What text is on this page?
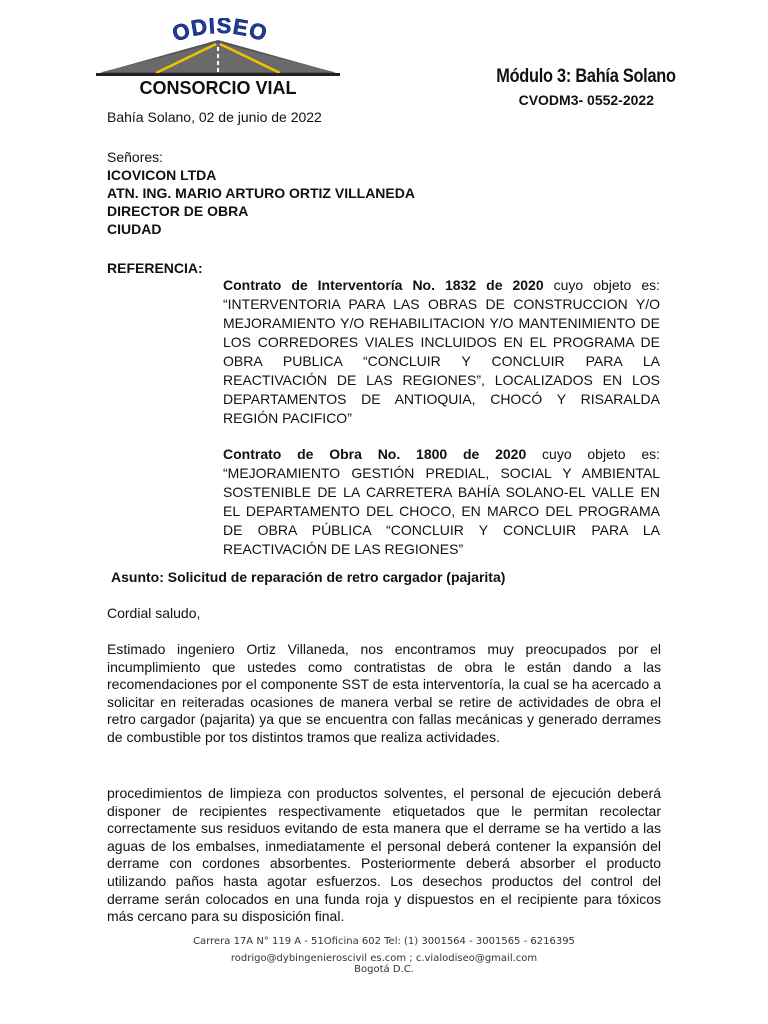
ODISEO
CONSORCIO VIAL
Módulo 3: Bahía Solano
CVODM3- 0552-2022
Bahía Solano, 02 de junio de 2022
Señores:
ICOVICON LTDA
ATN. ING. MARIO ARTURO ORTIZ VILLANEDA
DIRECTOR DE OBRA
CIUDAD
REFERENCIA:
Contrato de Interventoría No. 1832 de 2020 cuyo objeto es: “INTERVENTORIA PARA LAS OBRAS DE CONSTRUCCION Y/O MEJORAMIENTO Y/O REHABILITACION Y/O MANTENIMIENTO DE LOS CORREDORES VIALES INCLUIDOS EN EL PROGRAMA DE OBRA PUBLICA “CONCLUIR Y CONCLUIR PARA LA REACTIVACIÓN DE LAS REGIONES”, LOCALIZADOS EN LOS DEPARTAMENTOS DE ANTIOQUIA, CHOCÓ Y RISARALDA REGIÓN PACIFICO”
Contrato de Obra No. 1800 de 2020 cuyo objeto es: “MEJORAMIENTO GESTIÓN PREDIAL, SOCIAL Y AMBIENTAL SOSTENIBLE DE LA CARRETERA BAHÍA SOLANO-EL VALLE EN EL DEPARTAMENTO DEL CHOCO, EN MARCO DEL PROGRAMA DE OBRA PÚBLICA “CONCLUIR Y CONCLUIR PARA LA REACTIVACIÓN DE LAS REGIONES”
Asunto: Solicitud de reparación de retro cargador (pajarita)
Cordial saludo,
Estimado ingeniero Ortiz Villaneda, nos encontramos muy preocupados por el incumplimiento que ustedes como contratistas de obra le están dando a las recomendaciones por el componente SST de esta interventoría, la cual se ha acercado a solicitar en reiteradas ocasiones de manera verbal se retire de actividades de obra el retro cargador (pajarita) ya que se encuentra con fallas mecánicas y generado derrames de combustible por tos distintos tramos que realiza actividades.
procedimientos de limpieza con productos solventes, el personal de ejecución deberá disponer de recipientes respectivamente etiquetados que le permitan recolectar correctamente sus residuos evitando de esta manera que el derrame se ha vertido a las aguas de los embalses, inmediatamente el personal deberá contener la expansión del derrame con cordones absorbentes. Posteriormente deberá absorber el producto utilizando paños hasta agotar esfuerzos. Los desechos productos del control del derrame serán colocados en una funda roja y dispuestos en el recipiente para tóxicos más cercano para su disposición final.
Carrera 17A N° 119 A - 51Oficina 602 Tel: (1) 3001564 - 3001565 - 6216395
rodrigo@dybingenieroscivil es.com ; c.vialodiseo@gmail.com
Bogotá D.C.
